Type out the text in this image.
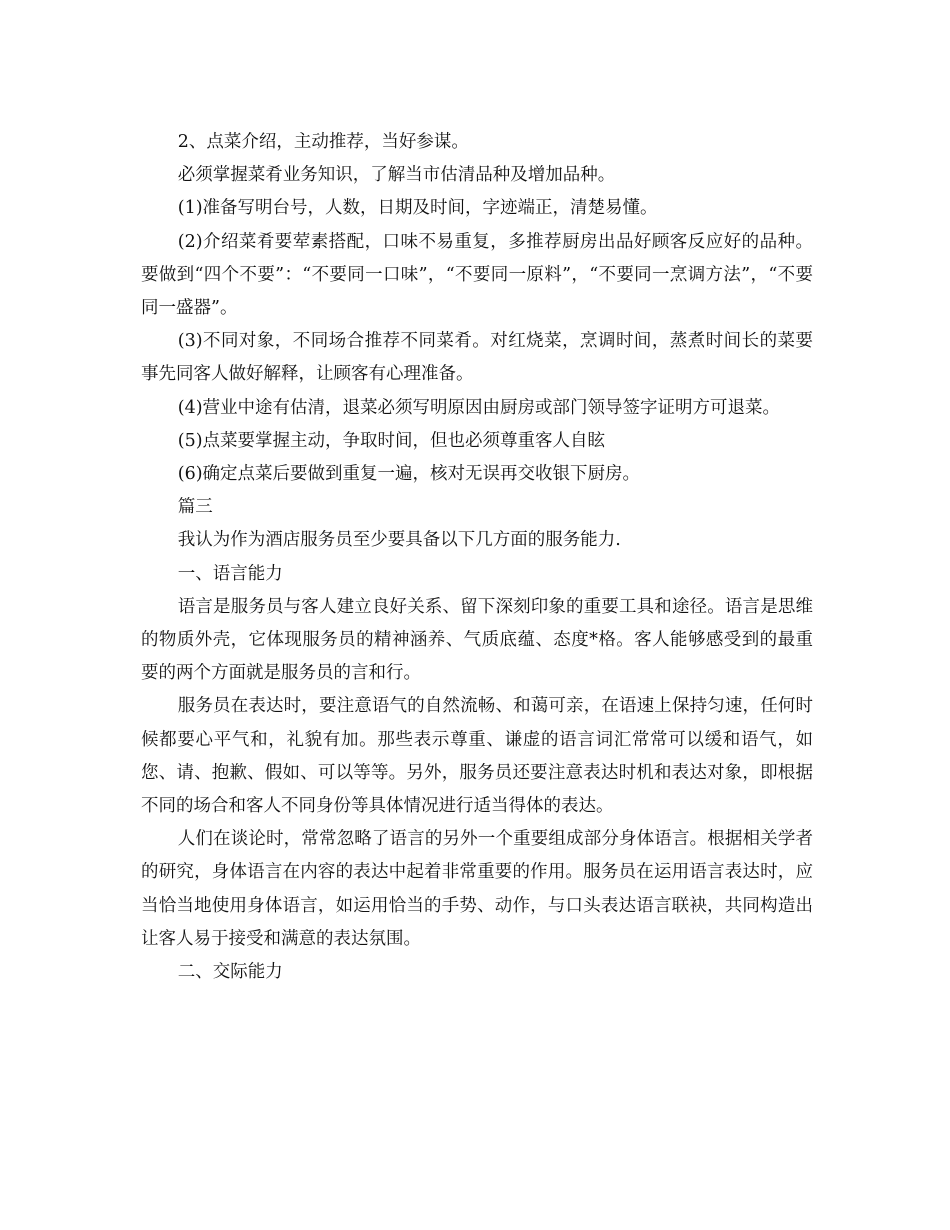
2、点菜介绍，主动推荐，当好参谋。

必须掌握菜肴业务知识，了解当市估清品种及增加品种。

(1)准备写明台号，人数，日期及时间，字迹端正，清楚易懂。

(2)介绍菜肴要荤素搭配，口味不易重复，多推荐厨房出品好顾客反应好的品种。要做到“四个不要”：“不要同一口味”，“不要同一原料”，“不要同一烹调方法”，“不要同一盛器”。

(3)不同对象，不同场合推荐不同菜肴。对红烧菜，烹调时间，蒸煮时间长的菜要事先同客人做好解释，让顾客有心理准备。

(4)营业中途有估清，退菜必须写明原因由厨房或部门领导签字证明方可退菜。

(5)点菜要掌握主动，争取时间，但也必须尊重客人自眩

(6)确定点菜后要做到重复一遍，核对无误再交收银下厨房。

篇三

我认为作为酒店服务员至少要具备以下几方面的服务能力.

一、语言能力

语言是服务员与客人建立良好关系、留下深刻印象的重要工具和途径。语言是思维的物质外壳，它体现服务员的精神涵养、气质底蕴、态度*格。客人能够感受到的最重要的两个方面就是服务员的言和行。

服务员在表达时，要注意语气的自然流畅、和蔼可亲，在语速上保持匀速，任何时候都要心平气和，礼貌有加。那些表示尊重、谦虚的语言词汇常常可以缓和语气，如您、请、抱歉、假如、可以等等。另外，服务员还要注意表达时机和表达对象，即根据不同的场合和客人不同身份等具体情况进行适当得体的表达。

人们在谈论时，常常忽略了语言的另外一个重要组成部分身体语言。根据相关学者的研究，身体语言在内容的表达中起着非常重要的作用。服务员在运用语言表达时，应当恰当地使用身体语言，如运用恰当的手势、动作，与口头表达语言联袂，共同构造出让客人易于接受和满意的表达氛围。

二、交际能力
